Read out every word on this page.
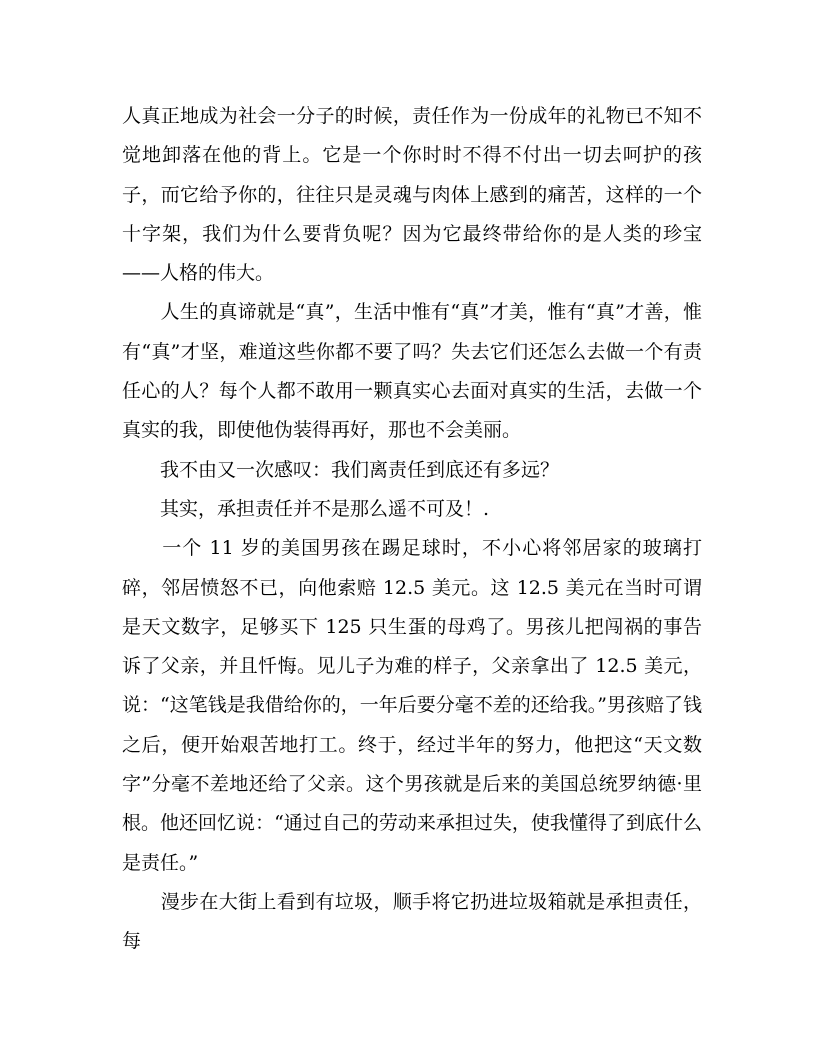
人真正地成为社会一分子的时候，责任作为一份成年的礼物已不知不觉地卸落在他的背上。它是一个你时时不得不付出一切去呵护的孩子，而它给予你的，往往只是灵魂与肉体上感到的痛苦，这样的一个十字架，我们为什么要背负呢？因为它最终带给你的是人类的珍宝——人格的伟大。

　　人生的真谛就是“真”，生活中惟有“真”才美，惟有“真”才善，惟有“真”才坚，难道这些你都不要了吗？失去它们还怎么去做一个有责任心的人？每个人都不敢用一颗真实心去面对真实的生活，去做一个真实的我，即使他伪装得再好，那也不会美丽。

　　我不由又一次感叹：我们离责任到底还有多远？

　　其实，承担责任并不是那么遥不可及！.

　　一个 11 岁的美国男孩在踢足球时，不小心将邻居家的玻璃打碎，邻居愤怒不已，向他索赔 12.5 美元。这 12.5 美元在当时可谓是天文数字，足够买下 125 只生蛋的母鸡了。男孩儿把闯祸的事告诉了父亲，并且忏悔。见儿子为难的样子，父亲拿出了 12.5 美元，说：“这笔钱是我借给你的，一年后要分毫不差的还给我。”男孩赔了钱之后，便开始艰苦地打工。终于，经过半年的努力，他把这“天文数字”分毫不差地还给了父亲。这个男孩就是后来的美国总统罗纳德·里根。他还回忆说：“通过自己的劳动来承担过失，使我懂得了到底什么是责任。”

　　漫步在大街上看到有垃圾，顺手将它扔进垃圾箱就是承担责任，每
